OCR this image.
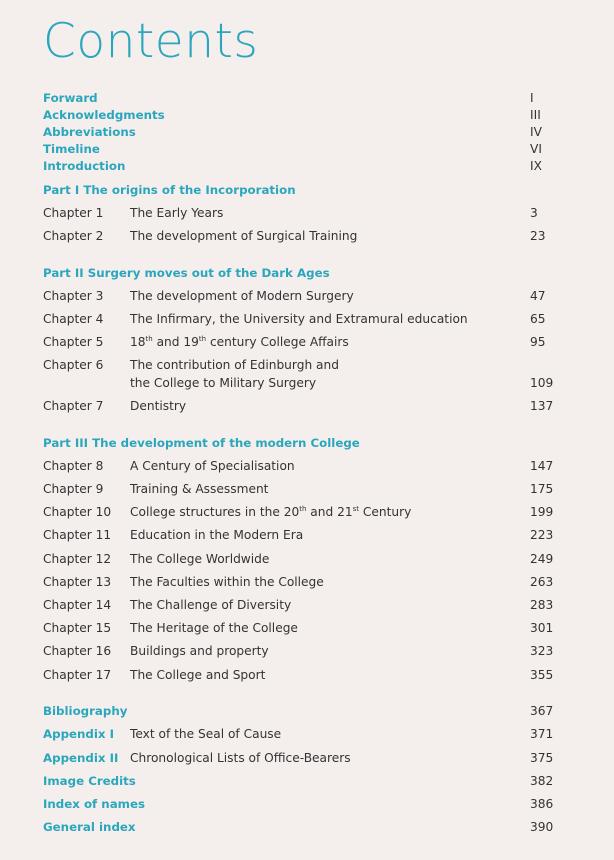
Contents
Forward	I
Acknowledgments	III
Abbreviations	IV
Timeline	VI
Introduction	IX
Part I The origins of the Incorporation
Chapter 1 The Early Years	3
Chapter 2 The development of Surgical Training	23
Part II Surgery moves out of the Dark Ages
Chapter 3 The development of Modern Surgery	47
Chapter 4 The Infirmary, the University and Extramural education	65
Chapter 5 18th and 19th century College Affairs	95
Chapter 6 The contribution of Edinburgh and
the College to Military Surgery	109
Chapter 7 Dentistry	137
Part III The development of the modern College
Chapter 8 A Century of Specialisation	147
Chapter 9 Training & Assessment	175
Chapter 10 College structures in the 20th and 21st Century	199
Chapter 11 Education in the Modern Era	223
Chapter 12 The College Worldwide	249
Chapter 13 The Faculties within the College	263
Chapter 14 The Challenge of Diversity	283
Chapter 15 The Heritage of the College	301
Chapter 16 Buildings and property	323
Chapter 17 The College and Sport	355
Bibliography	367
Appendix I Text of the Seal of Cause	371
Appendix II Chronological Lists of Office-Bearers	375
Image Credits	382
Index of names	386
General index	390
